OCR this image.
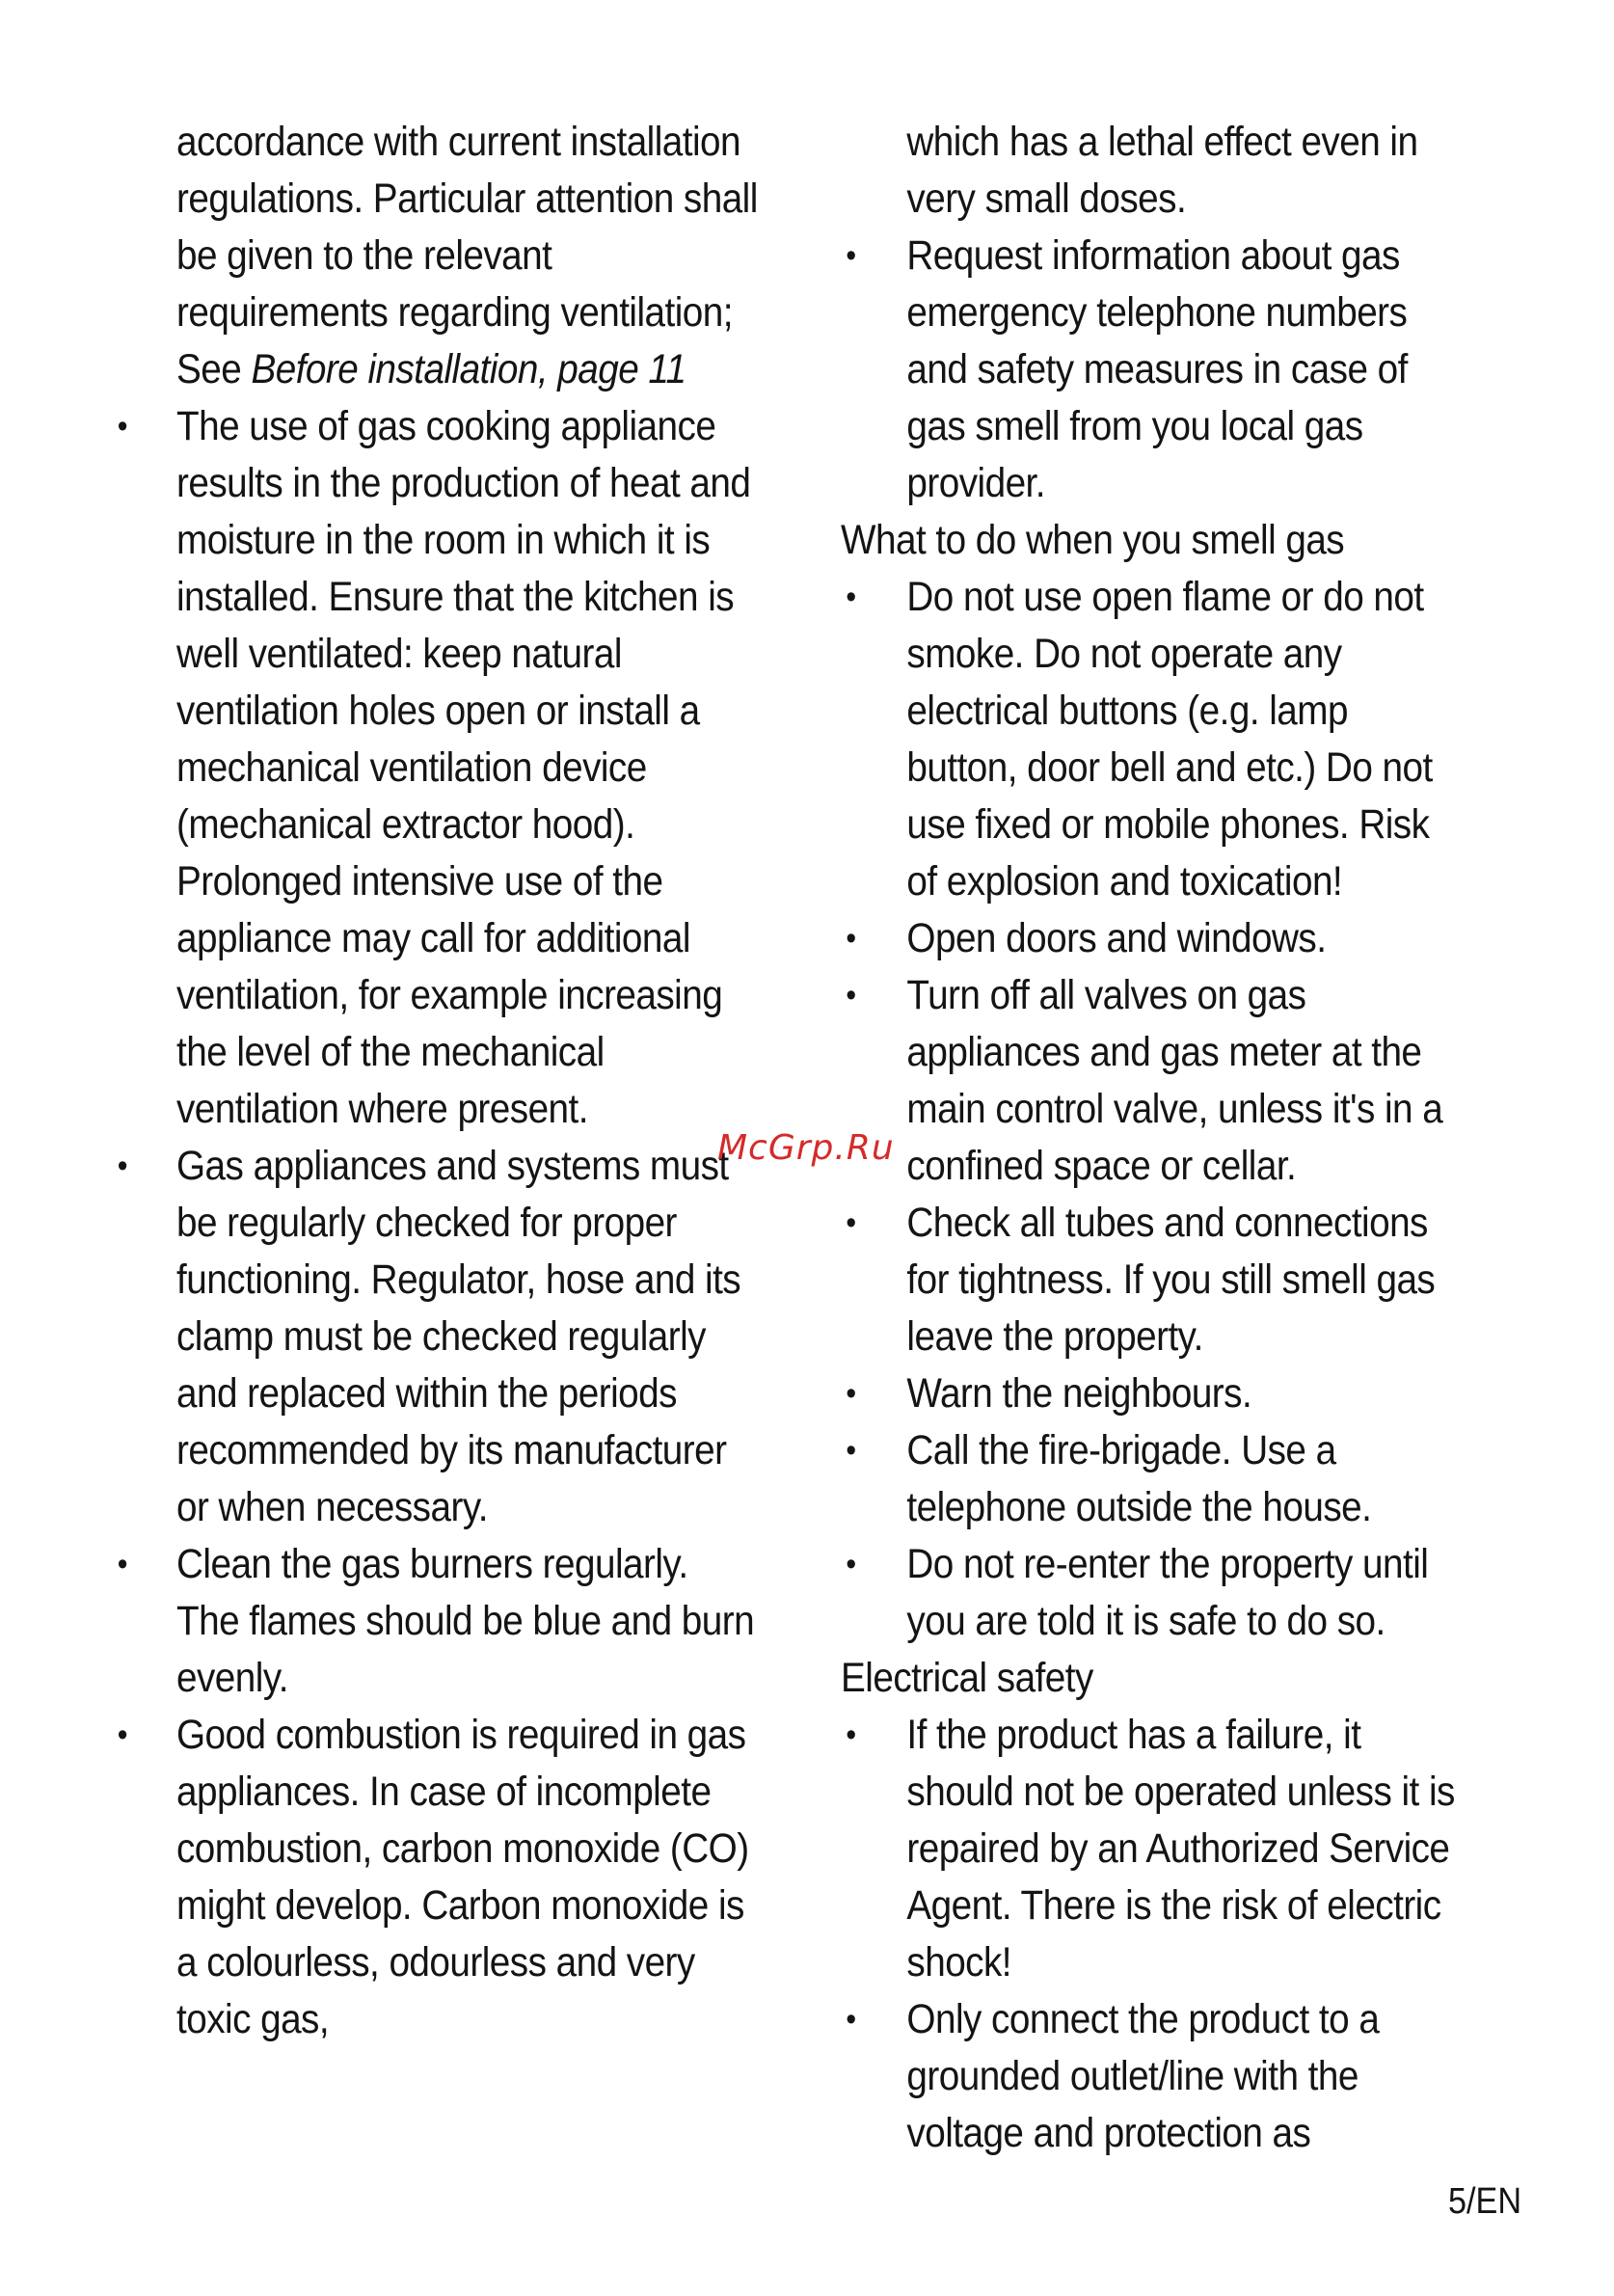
accordance with current installation regulations. Particular attention shall be given to the relevant requirements regarding ventilation; See Before installation, page 11

• The use of gas cooking appliance results in the production of heat and moisture in the room in which it is installed. Ensure that the kitchen is well ventilated: keep natural ventilation holes open or install a mechanical ventilation device (mechanical extractor hood). Prolonged intensive use of the appliance may call for additional ventilation, for example increasing the level of the mechanical ventilation where present.
• Gas appliances and systems must be regularly checked for proper functioning. Regulator, hose and its clamp must be checked regularly and replaced within the periods recommended by its manufacturer or when necessary.
• Clean the gas burners regularly. The flames should be blue and burn evenly.
• Good combustion is required in gas appliances. In case of incomplete combustion, carbon monoxide (CO) might develop. Carbon monoxide is a colourless, odourless and very toxic gas,

which has a lethal effect even in very small doses.

• Request information about gas emergency telephone numbers and safety measures in case of gas smell from you local gas provider.

What to do when you smell gas

• Do not use open flame or do not smoke. Do not operate any electrical buttons (e.g. lamp button, door bell and etc.) Do not use fixed or mobile phones. Risk of explosion and toxication!
• Open doors and windows.
• Turn off all valves on gas appliances and gas meter at the main control valve, unless it's in a confined space or cellar.
• Check all tubes and connections for tightness. If you still smell gas leave the property.
• Warn the neighbours.
• Call the fire-brigade. Use a telephone outside the house.
• Do not re-enter the property until you are told it is safe to do so.

Electrical safety

• If the product has a failure, it should not be operated unless it is repaired by an Authorized Service Agent. There is the risk of electric shock!
• Only connect the product to a grounded outlet/line with the voltage and protection as
McGrp.Ru
5/EN
